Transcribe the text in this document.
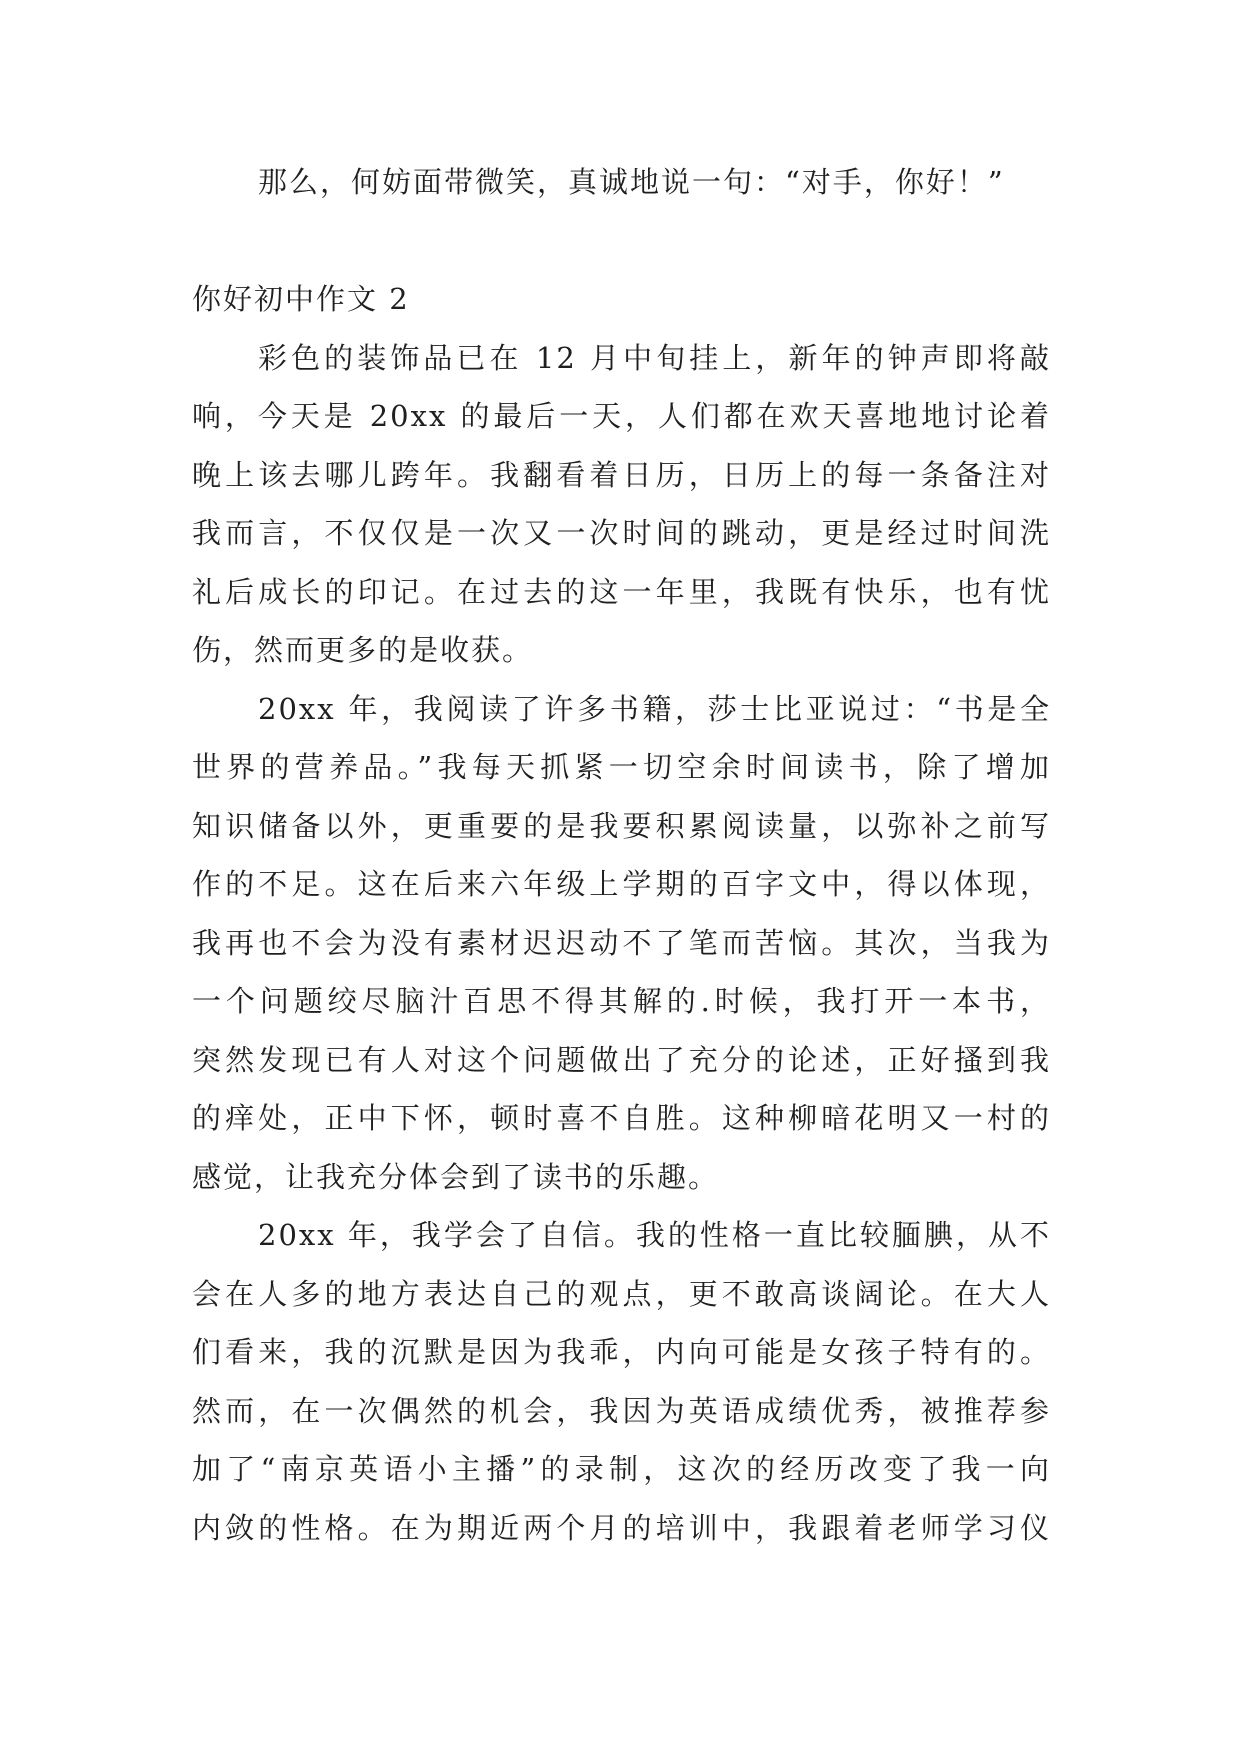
那么，何妨面带微笑，真诚地说一句：“对手，你好！”
你好初中作文 2
彩色的装饰品已在 12 月中旬挂上，新年的钟声即将敲
响，今天是 20xx 的最后一天，人们都在欢天喜地地讨论着
晚上该去哪儿跨年。我翻看着日历，日历上的每一条备注对
我而言，不仅仅是一次又一次时间的跳动，更是经过时间洗
礼后成长的印记。在过去的这一年里，我既有快乐，也有忧
伤，然而更多的是收获。
20xx 年，我阅读了许多书籍，莎士比亚说过：“书是全
世界的营养品。”我每天抓紧一切空余时间读书，除了增加
知识储备以外，更重要的是我要积累阅读量，以弥补之前写
作的不足。这在后来六年级上学期的百字文中，得以体现，
我再也不会为没有素材迟迟动不了笔而苦恼。其次，当我为
一个问题绞尽脑汁百思不得其解的.时候，我打开一本书，
突然发现已有人对这个问题做出了充分的论述，正好搔到我
的痒处，正中下怀，顿时喜不自胜。这种柳暗花明又一村的
感觉，让我充分体会到了读书的乐趣。
20xx 年，我学会了自信。我的性格一直比较腼腆，从不
会在人多的地方表达自己的观点，更不敢高谈阔论。在大人
们看来，我的沉默是因为我乖，内向可能是女孩子特有的。
然而，在一次偶然的机会，我因为英语成绩优秀，被推荐参
加了“南京英语小主播”的录制，这次的经历改变了我一向
内敛的性格。在为期近两个月的培训中，我跟着老师学习仪
